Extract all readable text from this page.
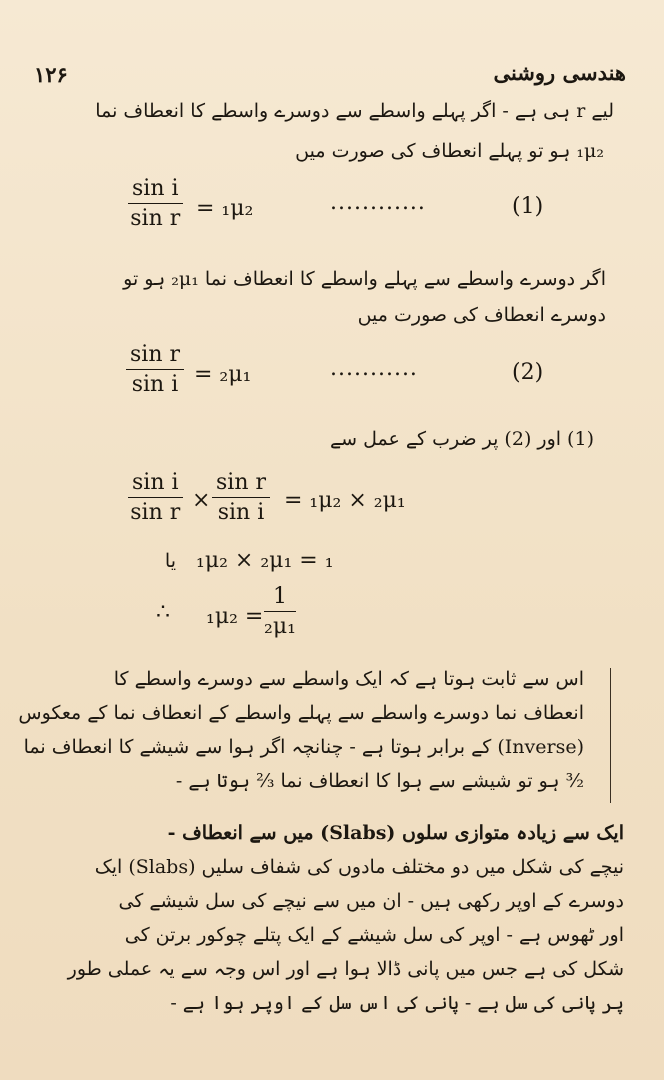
۱۲۶	هندسی روشنی
لیے r ہی ہے - اگر پہلے واسطے سے دوسرے واسطے کا انعطاف نما
₁μ₂ ہو تو پہلے انعطاف کی صورت میں
$\frac{\text{sin i}}{\text{sin r}} = _1\mu_2$	............	(1)
اگر دوسرے واسطے سے پہلے واسطے کا انعطاف نما ₂μ₁ ہو تو
دوسرے انعطاف کی صورت میں
$\frac{\text{sin r}}{\text{sin i}} = _2\mu_1$	...........	(2)
(1) اور (2) پر ضرب کے عمل سے
$\frac{\text{sin i}}{\text{sin r}} \times \frac{\text{sin r}}{\text{sin i}} = _1\mu_2 \times _2\mu_1$
یا ₁μ₂ × ₂μ₁ = ₁
∴ $_1\mu_2 = \frac{1}{\text{₂μ₁}}$
اس سے ثابت ہوتا ہے کہ ایک واسطے سے دوسرے واسطے کا
انعطاف نما دوسرے واسطے سے پہلے واسطے کے انعطاف نما کے معکوس
(Inverse) کے برابر ہوتا ہے - چنانچہ اگر ہوا سے شیشے کا انعطاف نما
³⁄₂ ہو تو شیشے سے ہوا کا انعطاف نما ²⁄₃ ہوتا ہے -
ایک سے زیادہ متوازی سلوں (Slabs) میں سے انعطاف -
نیچے کی شکل میں دو مختلف مادوں کی شفاف سلیں (Slabs) ایک
دوسرے کے اوپر رکھی ہیں - ان میں سے نیچے کی سل شیشے کی
اور ٹھوس ہے - اوپر کی سل شیشے کے ایک پتلے چوکور برتن کی
شکل کی ہے جس میں پانی ڈالا ہوا ہے اور اس وجہ سے یہ عملی طور
پر پانی کی سل ہے - پانی کی اس سل کے اوپر ہوا ہے -
